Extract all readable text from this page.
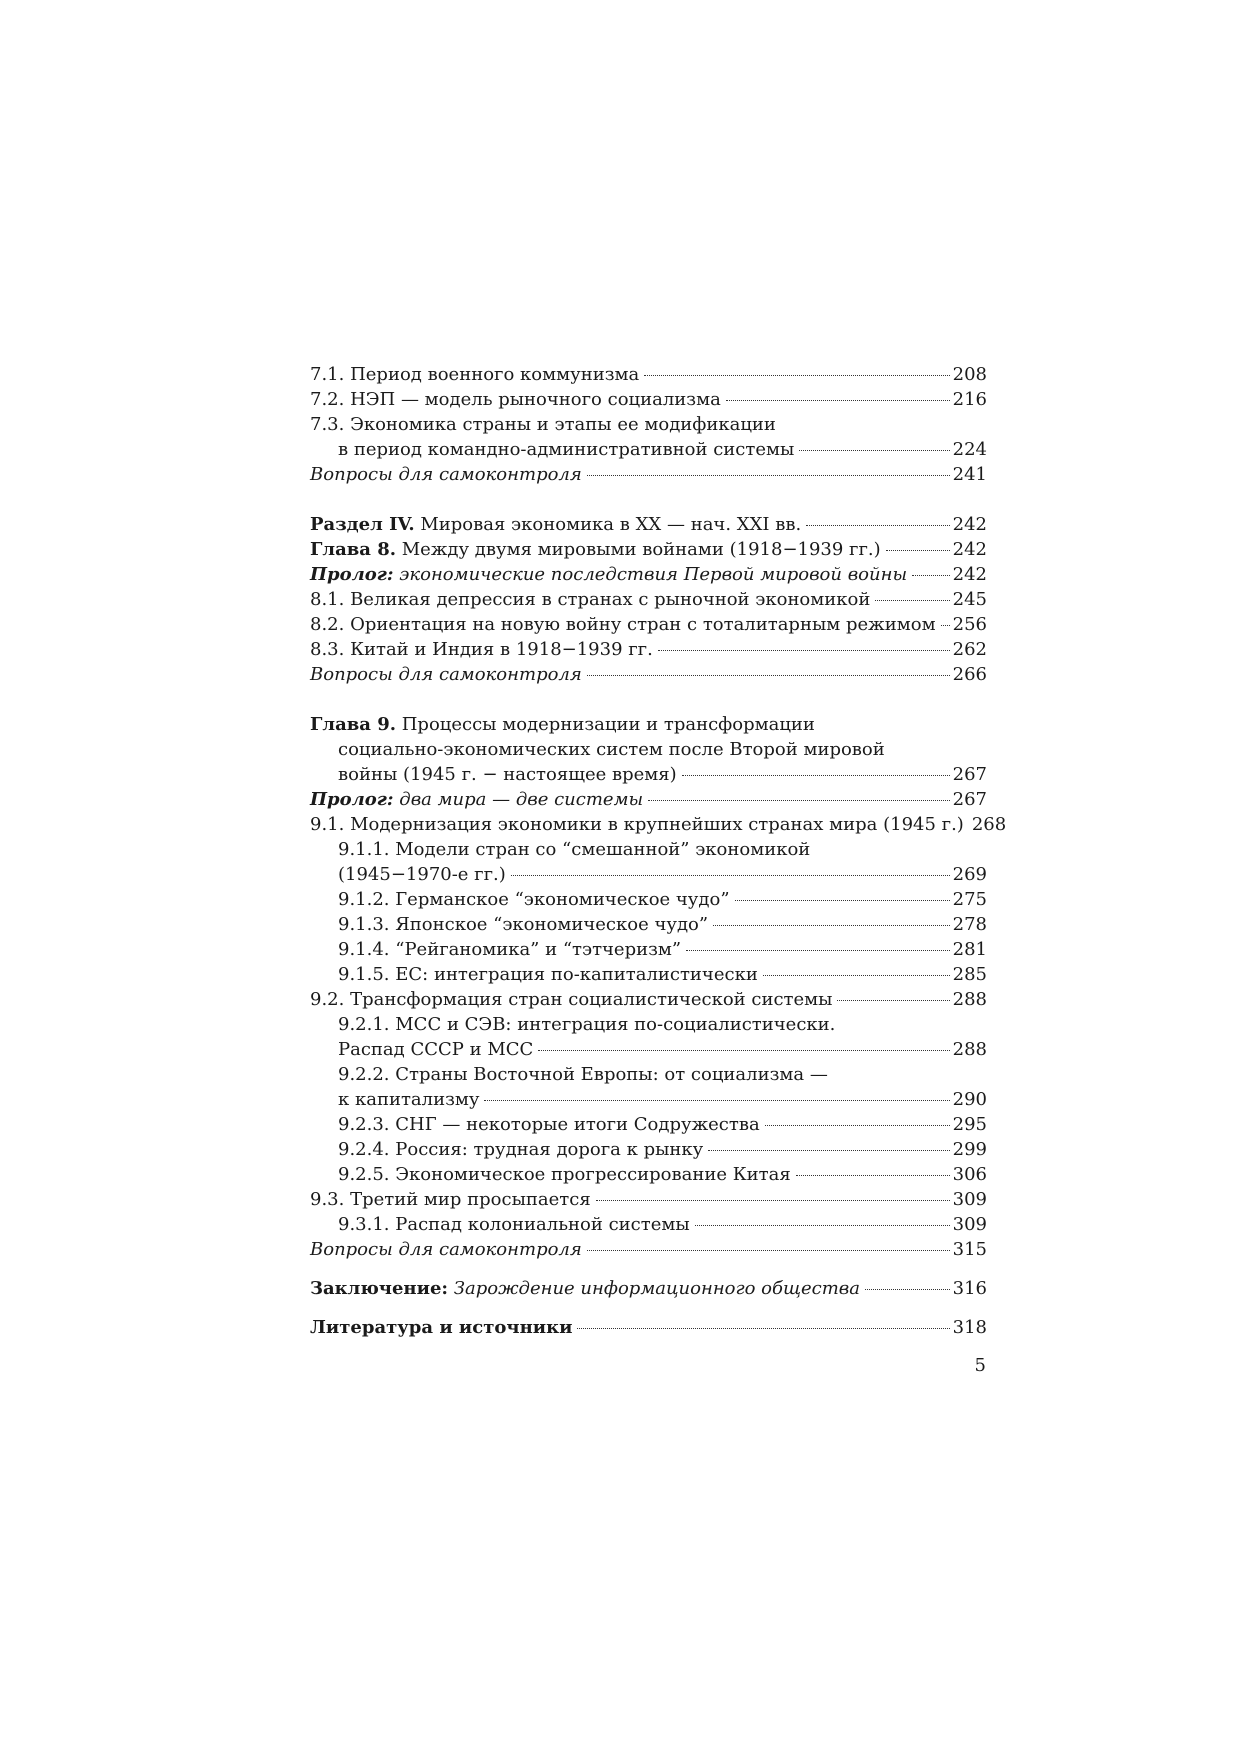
7.1. Период военного коммунизма	208
7.2. НЭП — модель рыночного социализма	216
7.3. Экономика страны и этапы ее модификации
в период командно-административной системы	224
Вопросы для самоконтроля	241
Раздел IV. Мировая экономика в XX — нач. XXI вв.	242
Глава 8. Между двумя мировыми войнами (1918−1939 гг.)	242
Пролог: экономические последствия Первой мировой войны	242
8.1. Великая депрессия в странах с рыночной экономикой	245
8.2. Ориентация на новую войну стран с тоталитарным режимом 256
8.3. Китай и Индия в 1918−1939 гг.	262
Вопросы для самоконтроля	266
Глава 9. Процессы модернизации и трансформации
социально-экономических систем после Второй мировой
войны (1945 г. − настоящее время)	267
Пролог: два мира — две системы	267
9.1. Модернизация экономики в крупнейших странах мира (1945 г.) 268
9.1.1. Модели стран со “смешанной” экономикой
(1945−1970-е гг.)	269
9.1.2. Германское “экономическое чудо”	275
9.1.3. Японское “экономическое чудо”	278
9.1.4. “Рейганомика” и “тэтчеризм”	281
9.1.5. ЕС: интеграция по-капиталистически	285
9.2. Трансформация стран социалистической системы	288
9.2.1. МСС и СЭВ: интеграция по-социалистически.
Распад СССР и МСС	288
9.2.2. Страны Восточной Европы: от социализма —
к капитализму	290
9.2.3. СНГ — некоторые итоги Содружества	295
9.2.4. Россия: трудная дорога к рынку	299
9.2.5. Экономическое прогрессирование Китая	306
9.3. Третий мир просыпается	309
9.3.1. Распад колониальной системы	309
Вопросы для самоконтроля	315
Заключение: Зарождение информационного общества	316
Литература и источники	318
5
